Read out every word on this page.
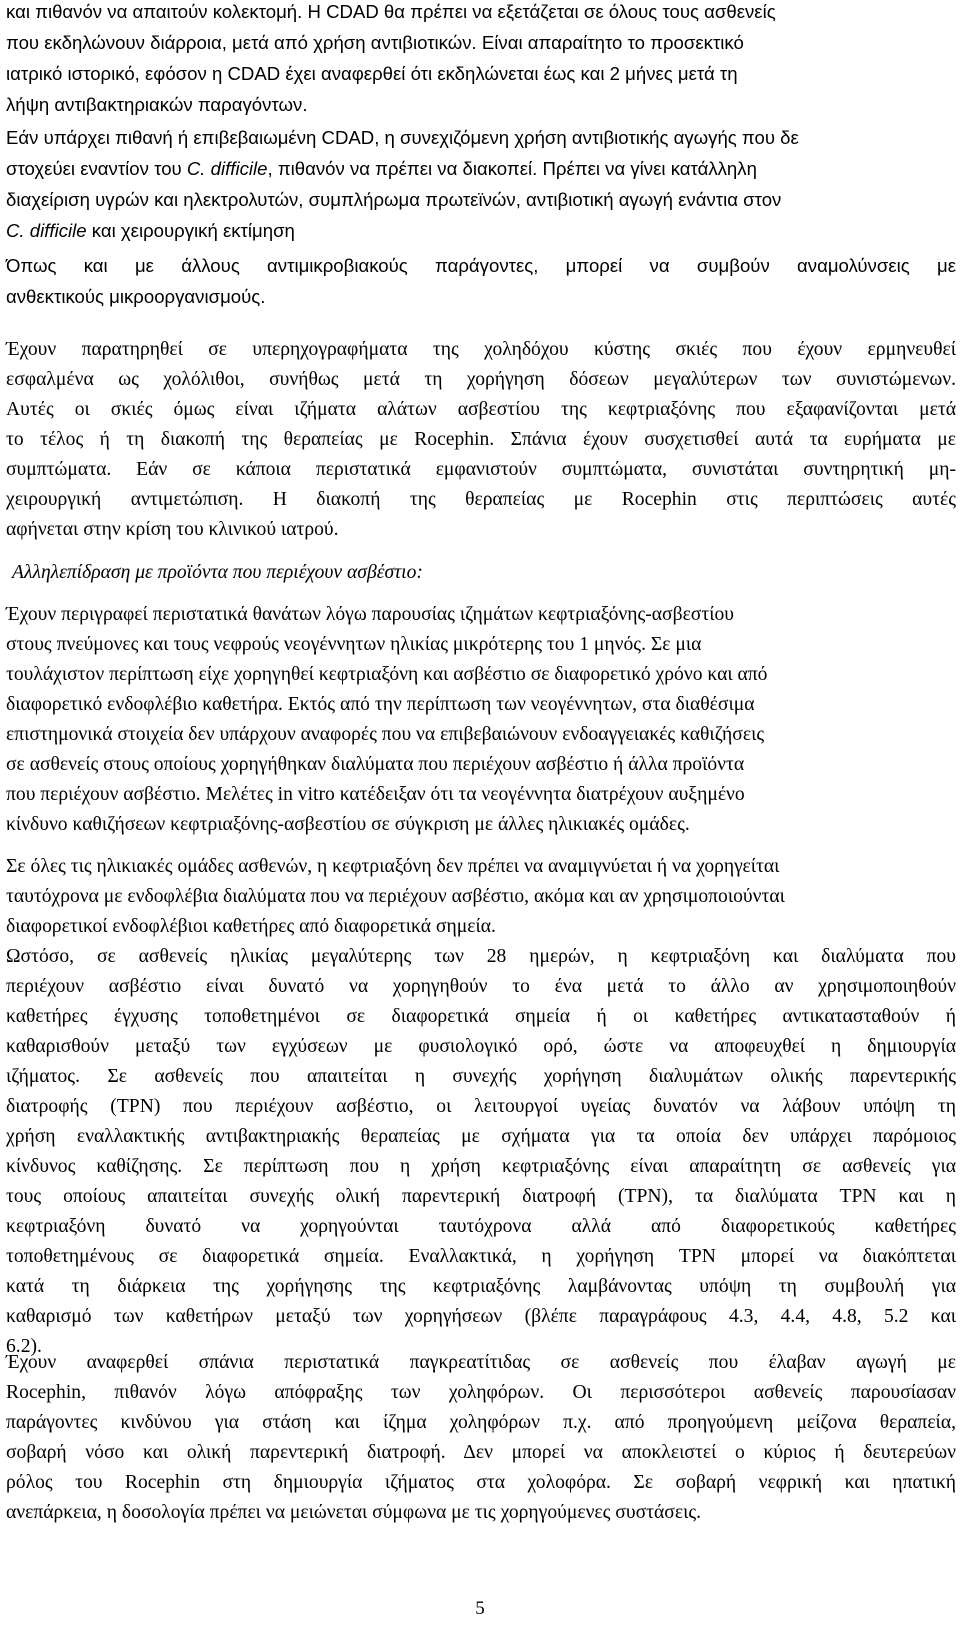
και πιθανόν να απαιτούν κολεκτομή. Η CDAD θα πρέπει να εξετάζεται σε όλους τους ασθενείς
που εκδηλώνουν διάρροια, μετά από χρήση αντιβιοτικών. Είναι απαραίτητο το προσεκτικό
ιατρικό ιστορικό, εφόσον η CDAD έχει αναφερθεί ότι εκδηλώνεται έως και 2 μήνες μετά τη
λήψη αντιβακτηριακών παραγόντων.
Εάν υπάρχει πιθανή ή επιβεβαιωμένη CDAD, η συνεχιζόμενη χρήση αντιβιοτικής αγωγής που δε
στοχεύει εναντίον του C. difficile, πιθανόν να πρέπει να διακοπεί. Πρέπει να γίνει κατάλληλη
διαχείριση υγρών και ηλεκτρολυτών, συμπλήρωμα πρωτεϊνών, αντιβιοτική αγωγή ενάντια στον
C. difficile και χειρουργική εκτίμηση
Όπως και με άλλους αντιμικροβιακούς παράγοντες, μπορεί να συμβούν αναμολύνσεις με
ανθεκτικούς μικροοργανισμούς.
Έχουν παρατηρηθεί σε υπερηχογραφήματα της χοληδόχου κύστης σκιές που έχουν ερμηνευθεί
εσφαλμένα ως χολόλιθοι, συνήθως μετά τη χορήγηση δόσεων μεγαλύτερων των συνιστώμενων.
Αυτές οι σκιές όμως είναι ιζήματα αλάτων ασβεστίου της κεφτριαξόνης που εξαφανίζονται μετά
το τέλος ή τη διακοπή της θεραπείας με Rocephin. Σπάνια έχουν συσχετισθεί αυτά τα ευρήματα με
συμπτώματα. Εάν σε κάποια περιστατικά εμφανιστούν συμπτώματα, συνιστάται συντηρητική μη-
χειρουργική αντιμετώπιση. Η διακοπή της θεραπείας με Rocephin στις περιπτώσεις αυτές
αφήνεται στην κρίση του κλινικού ιατρού.
Αλληλεπίδραση με προϊόντα που περιέχουν ασβέστιο:
Έχουν περιγραφεί περιστατικά θανάτων λόγω παρουσίας ιζημάτων κεφτριαξόνης-ασβεστίου
στους πνεύμονες και τους νεφρούς νεογέννητων ηλικίας μικρότερης του 1 μηνός. Σε μια
τουλάχιστον περίπτωση είχε χορηγηθεί κεφτριαξόνη και ασβέστιο σε διαφορετικό χρόνο και από
διαφορετικό ενδοφλέβιο καθετήρα. Εκτός από την περίπτωση των νεογέννητων, στα διαθέσιμα
επιστημονικά στοιχεία δεν υπάρχουν αναφορές που να επιβεβαιώνουν ενδοαγγειακές καθιζήσεις
σε ασθενείς στους οποίους χορηγήθηκαν διαλύματα που περιέχουν ασβέστιο ή άλλα προϊόντα
που περιέχουν ασβέστιο. Μελέτες in vitro κατέδειξαν ότι τα νεογέννητα διατρέχουν αυξημένο
κίνδυνο καθιζήσεων κεφτριαξόνης-ασβεστίου σε σύγκριση με άλλες ηλικιακές ομάδες.
Σε όλες τις ηλικιακές ομάδες ασθενών, η κεφτριαξόνη δεν πρέπει να αναμιγνύεται ή να χορηγείται
ταυτόχρονα με ενδοφλέβια διαλύματα που να περιέχουν ασβέστιο, ακόμα και αν χρησιμοποιούνται
διαφορετικοί ενδοφλέβιοι καθετήρες από διαφορετικά σημεία.
Ωστόσο, σε ασθενείς ηλικίας μεγαλύτερης των 28 ημερών, η κεφτριαξόνη και διαλύματα που
περιέχουν ασβέστιο είναι δυνατό να χορηγηθούν το ένα μετά το άλλο αν χρησιμοποιηθούν
καθετήρες έγχυσης τοποθετημένοι σε διαφορετικά σημεία ή οι καθετήρες αντικατασταθούν ή
καθαρισθούν μεταξύ των εγχύσεων με φυσιολογικό ορό, ώστε να αποφευχθεί η δημιουργία
ιζήματος. Σε ασθενείς που απαιτείται η συνεχής χορήγηση διαλυμάτων ολικής παρεντερικής
διατροφής (TPN) που περιέχουν ασβέστιο, οι λειτουργοί υγείας δυνατόν να λάβουν υπόψη τη
χρήση εναλλακτικής αντιβακτηριακής θεραπείας με σχήματα για τα οποία δεν υπάρχει παρόμοιος
κίνδυνος καθίζησης. Σε περίπτωση που η χρήση κεφτριαξόνης είναι απαραίτητη σε ασθενείς για
τους οποίους απαιτείται συνεχής ολική παρεντερική διατροφή (TPN), τα διαλύματα TPN και η
κεφτριαξόνη δυνατό να χορηγούνται ταυτόχρονα αλλά από διαφορετικούς καθετήρες
τοποθετημένους σε διαφορετικά σημεία. Εναλλακτικά, η χορήγηση TPN μπορεί να διακόπτεται
κατά τη διάρκεια της χορήγησης της κεφτριαξόνης λαμβάνοντας υπόψη τη συμβουλή για
καθαρισμό των καθετήρων μεταξύ των χορηγήσεων (βλέπε παραγράφους 4.3, 4.4, 4.8, 5.2 και
6.2).
Έχουν αναφερθεί σπάνια περιστατικά παγκρεατίτιδας σε ασθενείς που έλαβαν αγωγή με
Rocephin, πιθανόν λόγω απόφραξης των χοληφόρων. Οι περισσότεροι ασθενείς παρουσίασαν
παράγοντες κινδύνου για στάση και ίζημα χοληφόρων π.χ. από προηγούμενη μείζονα θεραπεία,
σοβαρή νόσο και ολική παρεντερική διατροφή. Δεν μπορεί να αποκλειστεί ο κύριος ή δευτερεύων
ρόλος του Rocephin στη δημιουργία ιζήματος στα χολοφόρα. Σε σοβαρή νεφρική και ηπατική
ανεπάρκεια, η δοσολογία πρέπει να μειώνεται σύμφωνα με τις χορηγούμενες συστάσεις.
5
